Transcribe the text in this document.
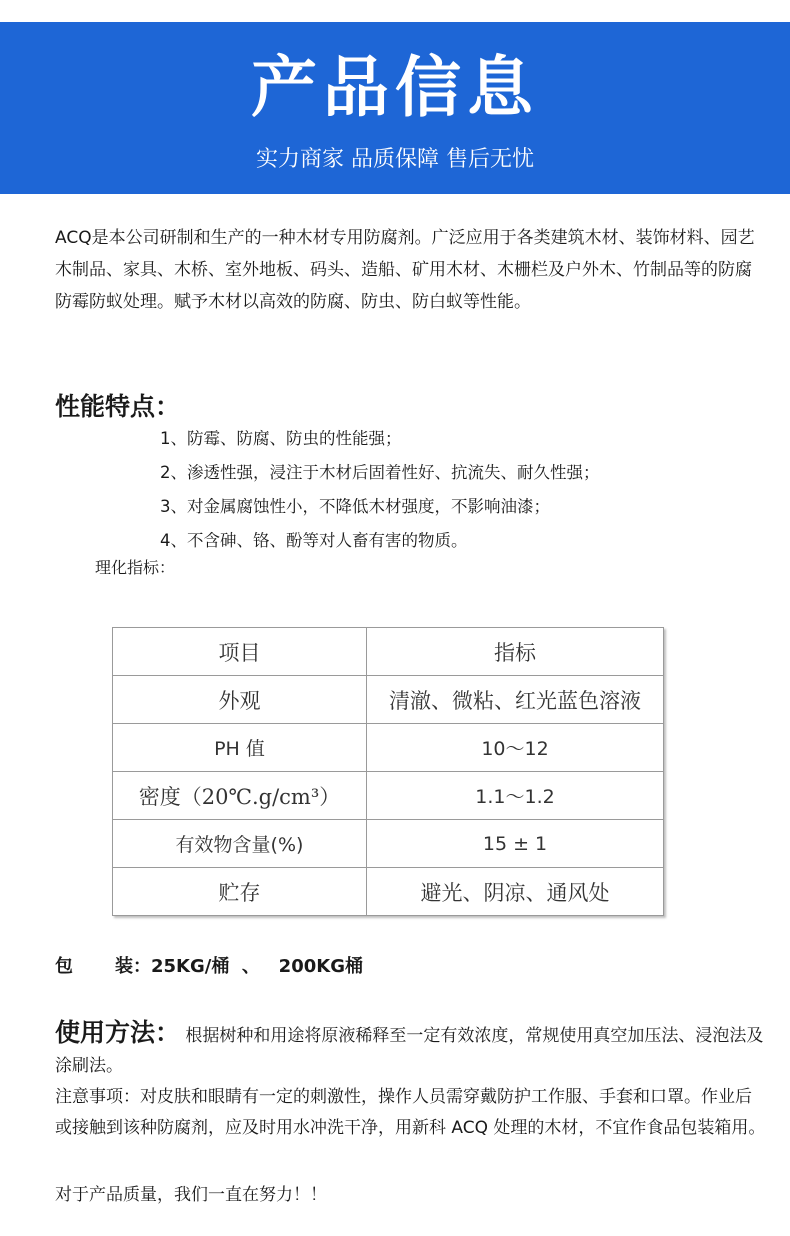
产品信息
实力商家 品质保障 售后无忧

ACQ是本公司研制和生产的一种木材专用防腐剂。广泛应用于各类建筑木材、装饰材料、园艺木制品、家具、木桥、室外地板、码头、造船、矿用木材、木栅栏及户外木、竹制品等的防腐防霉防蚁处理。赋予木材以高效的防腐、防虫、防白蚁等性能。

性能特点：
1、防霉、防腐、防虫的性能强；
2、渗透性强，浸注于木材后固着性好、抗流失、耐久性强；
3、对金属腐蚀性小，不降低木材强度，不影响油漆；
4、不含砷、铬、酚等对人畜有害的物质。
理化指标：
项目	指标
外观	清澈、微粘、红光蓝色溶液
PH 值	10～12
密度（20℃.g/cm³）	1.1～1.2
有效物含量(%)	15 ± 1
贮存	避光、阴凉、通风处
包 装：25KG/桶  、   200KG桶

使用方法： 根据树种和用途将原液稀释至一定有效浓度，常规使用真空加压法、浸泡法及涂刷法。

注意事项：对皮肤和眼睛有一定的刺激性，操作人员需穿戴防护工作服、手套和口罩。作业后或接触到该种防腐剂，应及时用水冲洗干净，用新科 ACQ 处理的木材，不宜作食品包装箱用。

对于产品质量，我们一直在努力！！
